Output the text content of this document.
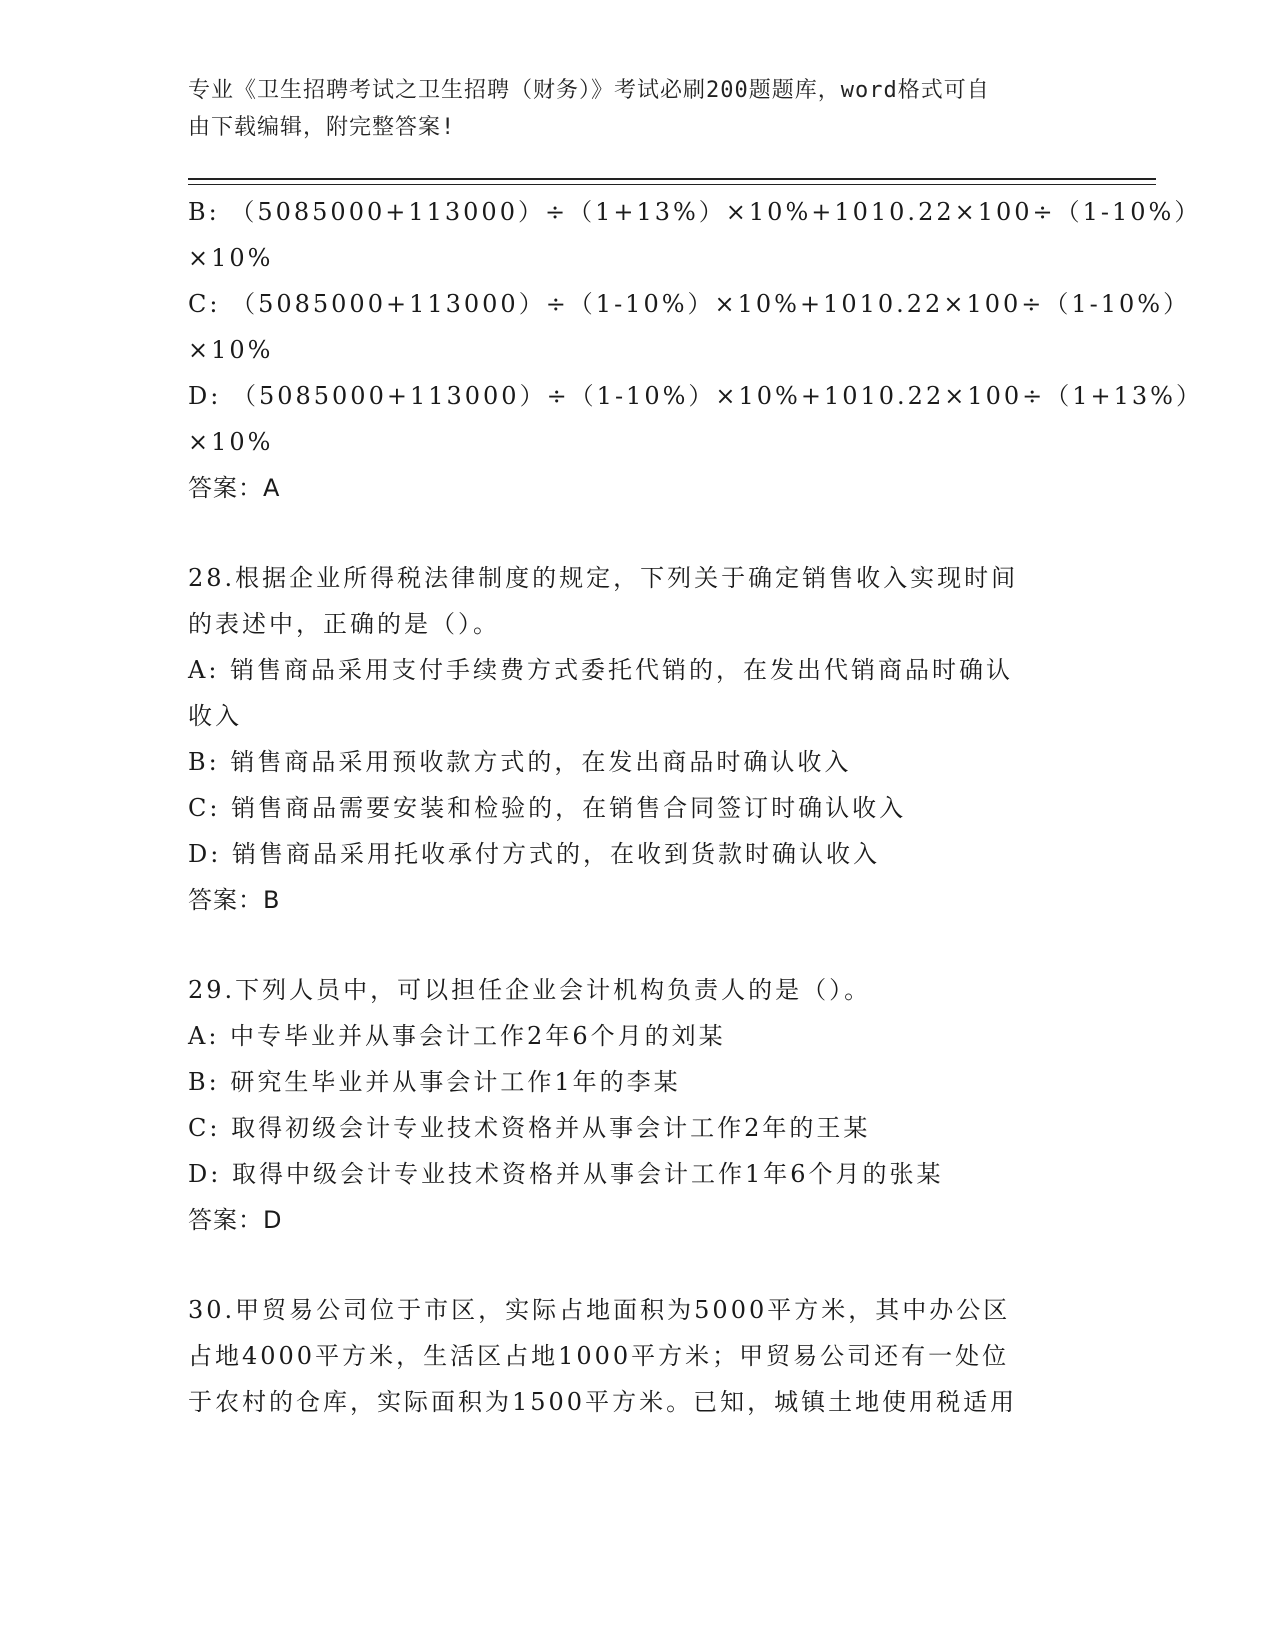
专业《卫生招聘考试之卫生招聘（财务）》考试必刷200题题库，word格式可自
由下载编辑，附完整答案!
B: （5085000+113000）÷（1+13%）×10%+1010.22×100÷（1-10%）
×10%
C: （5085000+113000）÷（1-10%）×10%+1010.22×100÷（1-10%）
×10%
D: （5085000+113000）÷（1-10%）×10%+1010.22×100÷（1+13%）
×10%
答案：A
28.根据企业所得税法律制度的规定，下列关于确定销售收入实现时间
的表述中，正确的是（）。
A: 销售商品采用支付手续费方式委托代销的，在发出代销商品时确认
收入
B: 销售商品采用预收款方式的，在发出商品时确认收入
C: 销售商品需要安装和检验的，在销售合同签订时确认收入
D: 销售商品采用托收承付方式的，在收到货款时确认收入
答案：B
29.下列人员中，可以担任企业会计机构负责人的是（）。
A: 中专毕业并从事会计工作2年6个月的刘某
B: 研究生毕业并从事会计工作1年的李某
C: 取得初级会计专业技术资格并从事会计工作2年的王某
D: 取得中级会计专业技术资格并从事会计工作1年6个月的张某
答案：D
30.甲贸易公司位于市区，实际占地面积为5000平方米，其中办公区
占地4000平方米，生活区占地1000平方米；甲贸易公司还有一处位
于农村的仓库，实际面积为1500平方米。已知，城镇土地使用税适用
